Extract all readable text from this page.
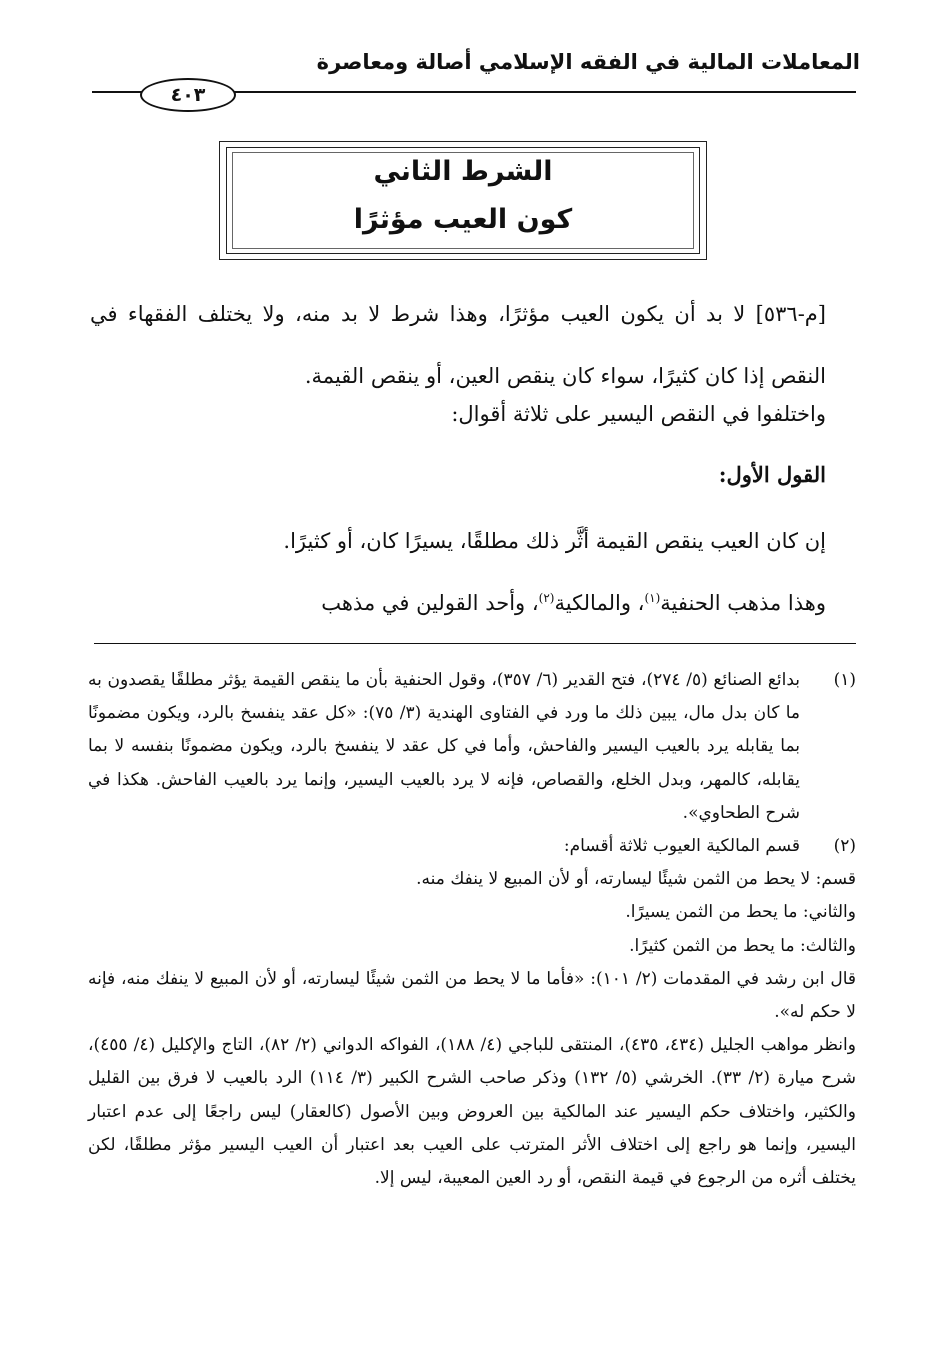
المعاملات المالية في الفقه الإسلامي أصالة ومعاصرة
٤٠٣
الشرط الثاني
كون العيب مؤثرًا
[م-٥٣٦] لا بد أن يكون العيب مؤثرًا، وهذا شرط لا بد منه، ولا يختلف الفقهاء في النقص إذا كان كثيرًا، سواء كان ينقص العين، أو ينقص القيمة.
واختلفوا في النقص اليسير على ثلاثة أقوال:
القول الأول:
إن كان العيب ينقص القيمة أثَّر ذلك مطلقًا، يسيرًا كان، أو كثيرًا.
وهذا مذهب الحنفية$^{(١)}$، والمالكية$^{(٢)}$، وأحد القولين في مذهب
(١)

بدائع الصنائع (٥/ ٢٧٤)، فتح القدير (٦/ ٣٥٧)، وقول الحنفية بأن ما ينقص القيمة يؤثر مطلقًا يقصدون به ما كان بدل مال، يبين ذلك ما ورد في الفتاوى الهندية (٣/ ٧٥): «كل عقد ينفسخ بالرد، ويكون مضمونًا بما يقابله يرد بالعيب اليسير والفاحش، وأما في كل عقد لا ينفسخ بالرد، ويكون مضمونًا بنفسه لا بما يقابله، كالمهر، وبدل الخلع، والقصاص، فإنه لا يرد بالعيب اليسير، وإنما يرد بالعيب الفاحش. هكذا في شرح الطحاوي».

(٢)

قسم المالكية العيوب ثلاثة أقسام:

قسم: لا يحط من الثمن شيئًا ليسارته، أو لأن المبيع لا ينفك منه.

والثاني: ما يحط من الثمن يسيرًا.

والثالث: ما يحط من الثمن كثيرًا.

قال ابن رشد في المقدمات (٢/ ١٠١): «فأما ما لا يحط من الثمن شيئًا ليسارته، أو لأن المبيع لا ينفك منه، فإنه لا حكم له».

وانظر مواهب الجليل (٤٣٤، ٤٣٥)، المنتقى للباجي (٤/ ١٨٨)، الفواكه الدواني (٢/ ٨٢)، التاج والإكليل (٤/ ٤٥٥)، شرح ميارة (٢/ ٣٣). الخرشي (٥/ ١٣٢) وذكر صاحب الشرح الكبير (٣/ ١١٤) الرد بالعيب لا فرق بين القليل والكثير، واختلاف حكم اليسير عند المالكية بين العروض وبين الأصول (كالعقار) ليس راجعًا إلى عدم اعتبار اليسير، وإنما هو راجع إلى اختلاف الأثر المترتب على العيب بعد اعتبار أن العيب اليسير مؤثر مطلقًا، لكن يختلف أثره من الرجوع في قيمة النقص، أو رد العين المعيبة، ليس إلا.
